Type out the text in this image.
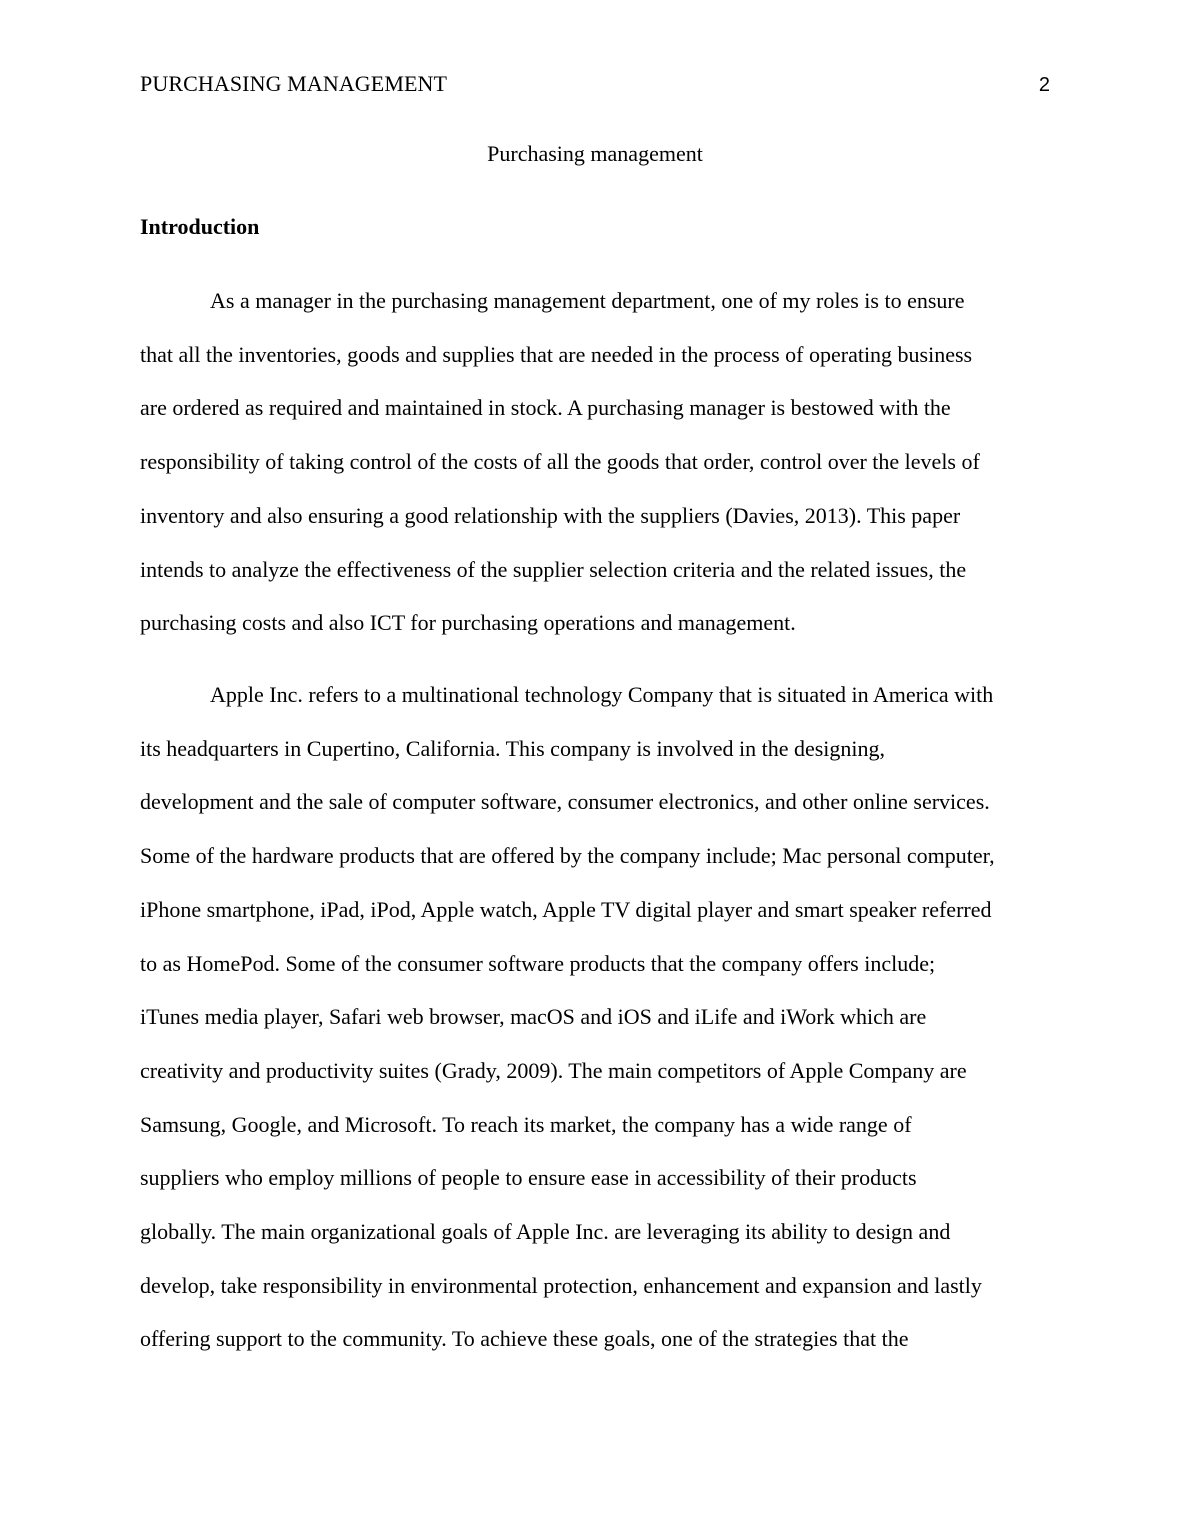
PURCHASING MANAGEMENT	2
Purchasing management
Introduction

As a manager in the purchasing management department, one of my roles is to ensure
that all the inventories, goods and supplies that are needed in the process of operating business
are ordered as required and maintained in stock. A purchasing manager is bestowed with the
responsibility of taking control of the costs of all the goods that order, control over the levels of
inventory and also ensuring a good relationship with the suppliers (Davies, 2013). This paper
intends to analyze the effectiveness of the supplier selection criteria and the related issues, the
purchasing costs and also ICT for purchasing operations and management.

Apple Inc. refers to a multinational technology Company that is situated in America with
its headquarters in Cupertino, California. This company is involved in the designing,
development and the sale of computer software, consumer electronics, and other online services.
Some of the hardware products that are offered by the company include; Mac personal computer,
iPhone smartphone, iPad, iPod, Apple watch, Apple TV digital player and smart speaker referred
to as HomePod. Some of the consumer software products that the company offers include;
iTunes media player, Safari web browser, macOS and iOS and iLife and iWork which are
creativity and productivity suites (Grady, 2009). The main competitors of Apple Company are
Samsung, Google, and Microsoft. To reach its market, the company has a wide range of
suppliers who employ millions of people to ensure ease in accessibility of their products
globally. The main organizational goals of Apple Inc. are leveraging its ability to design and
develop, take responsibility in environmental protection, enhancement and expansion and lastly
offering support to the community. To achieve these goals, one of the strategies that the
